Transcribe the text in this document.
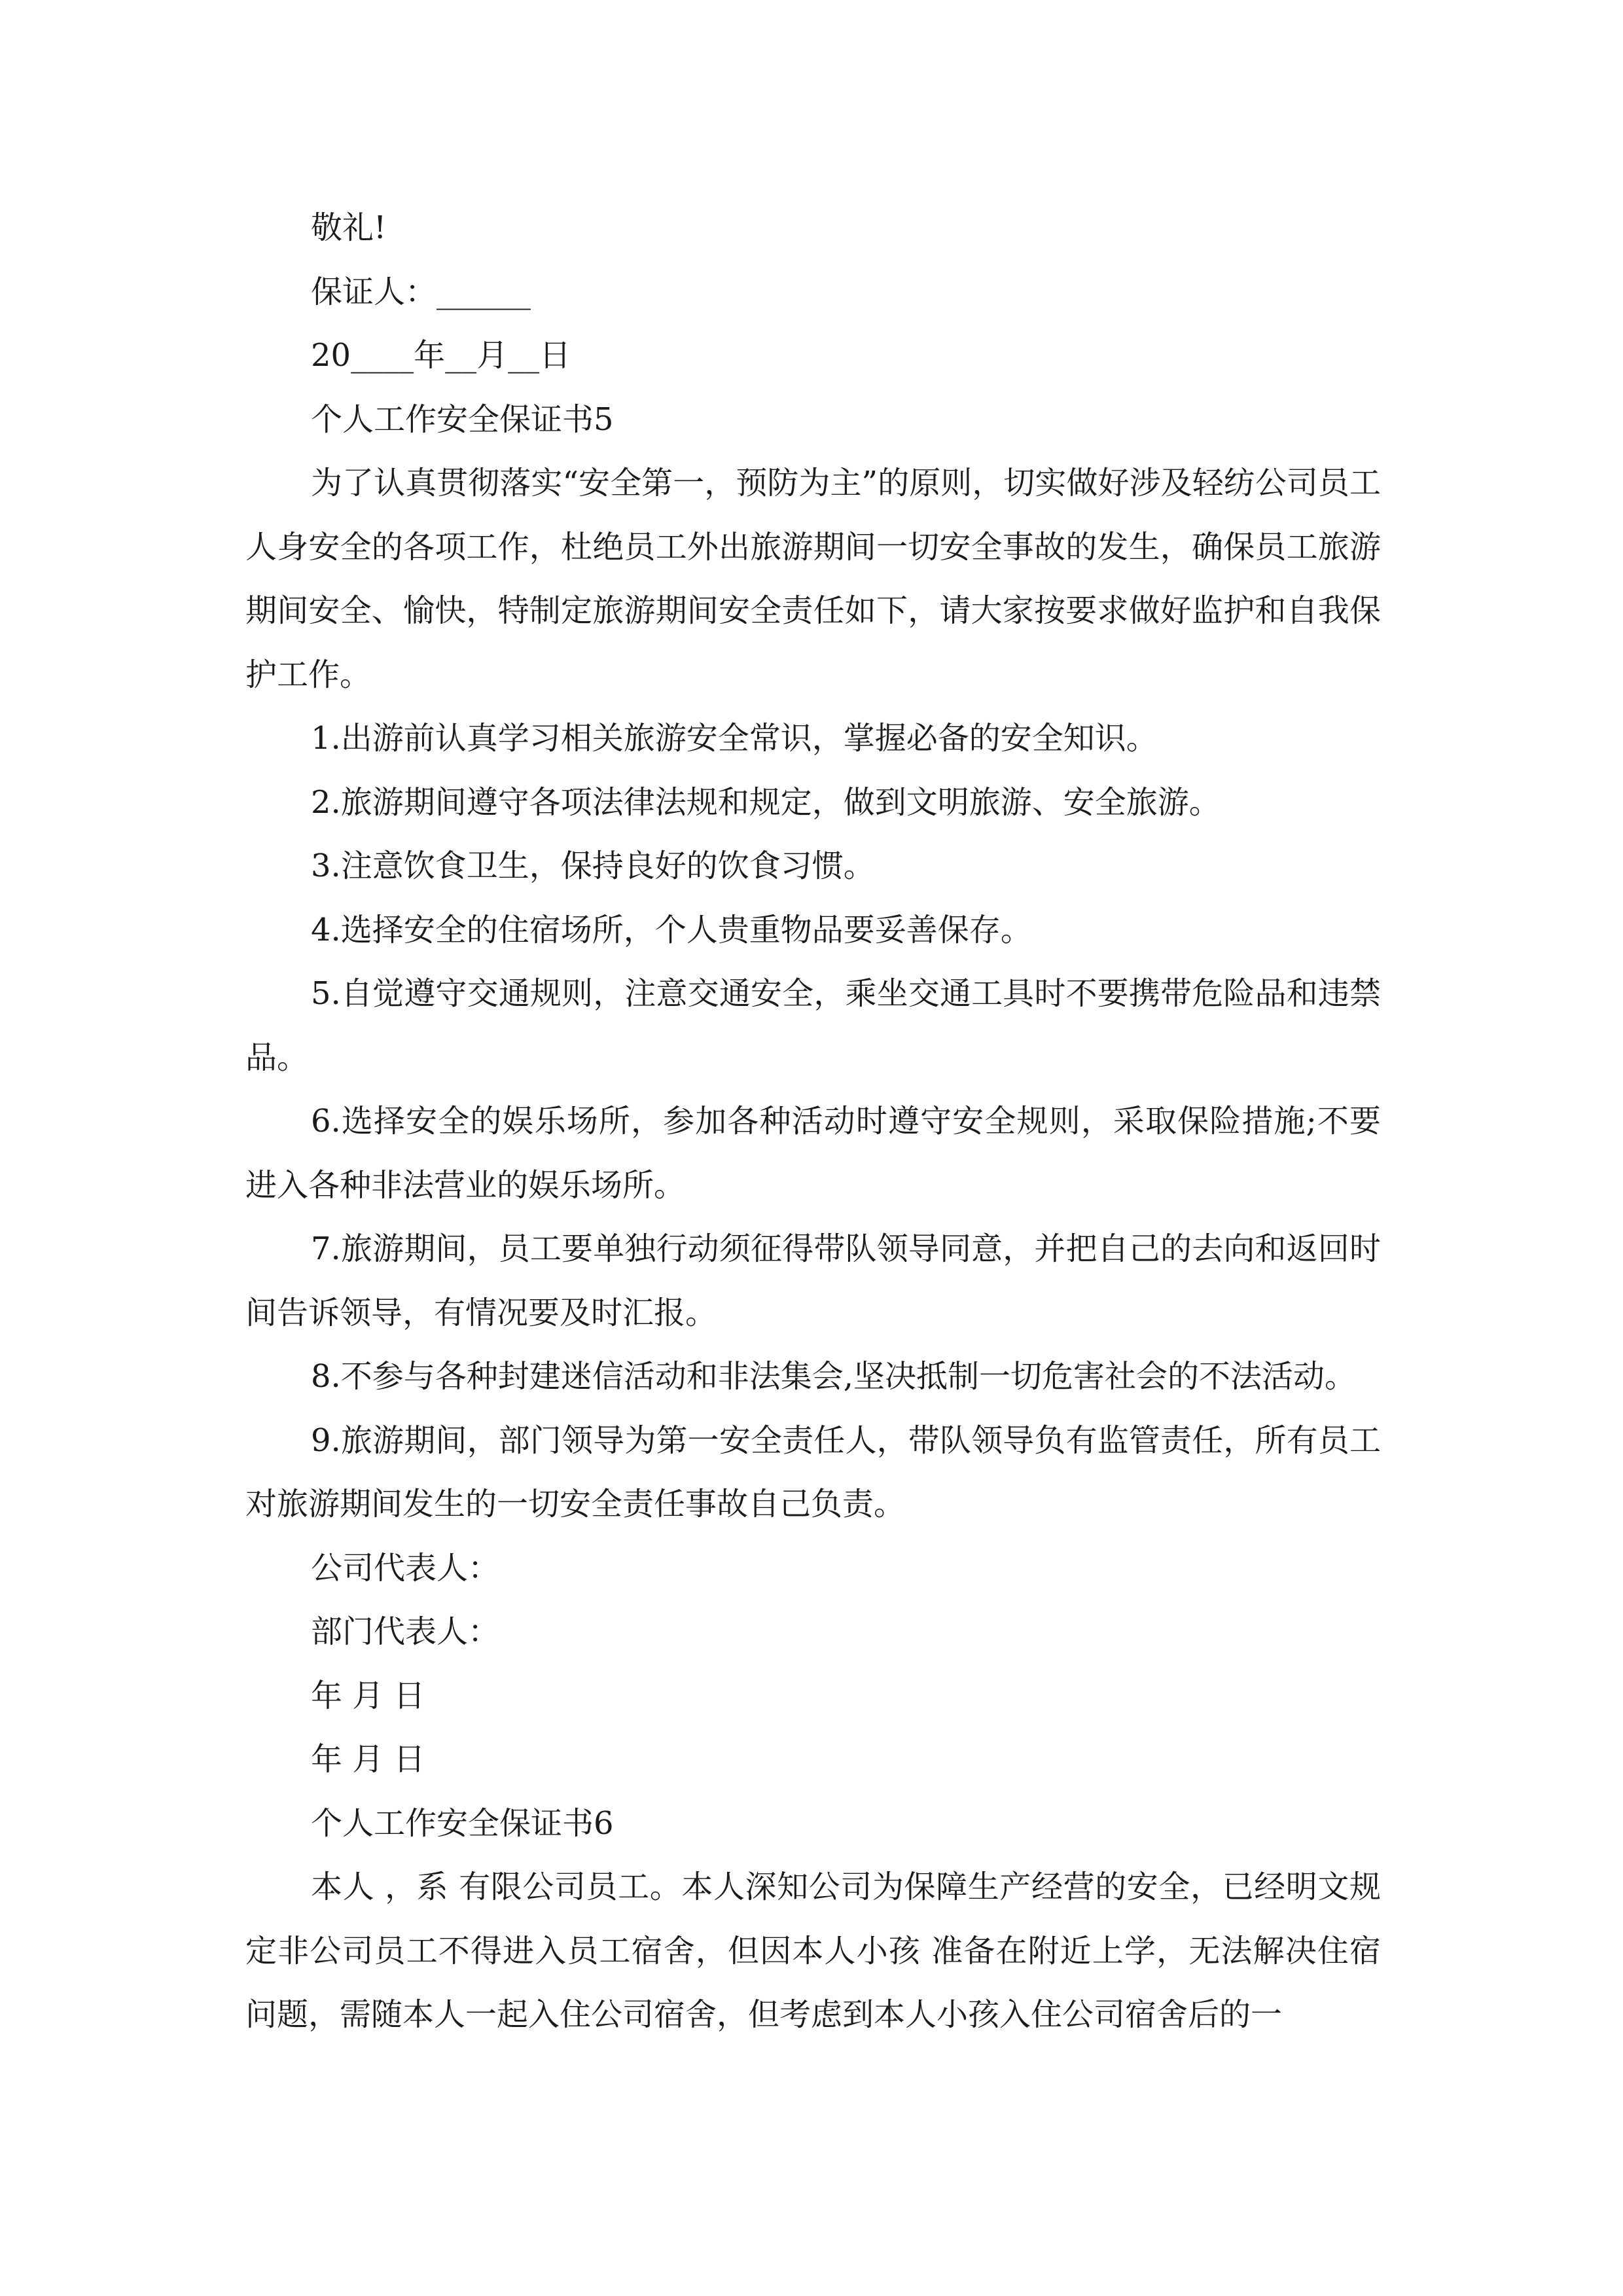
敬礼!
保证人：______
20____年__月__日
个人工作安全保证书5

为了认真贯彻落实“安全第一，预防为主”的原则，切实做好涉及轻纺公司员工人身安全的各项工作，杜绝员工外出旅游期间一切安全事故的发生，确保员工旅游期间安全、愉快，特制定旅游期间安全责任如下，请大家按要求做好监护和自我保护工作。

1.出游前认真学习相关旅游安全常识，掌握必备的安全知识。
2.旅游期间遵守各项法律法规和规定，做到文明旅游、安全旅游。
3.注意饮食卫生，保持良好的饮食习惯。
4.选择安全的住宿场所，个人贵重物品要妥善保存。

5.自觉遵守交通规则，注意交通安全，乘坐交通工具时不要携带危险品和违禁品。

6.选择安全的娱乐场所，参加各种活动时遵守安全规则，采取保险措施;不要进入各种非法营业的娱乐场所。

7.旅游期间，员工要单独行动须征得带队领导同意，并把自己的去向和返回时间告诉领导，有情况要及时汇报。

8.不参与各种封建迷信活动和非法集会,坚决抵制一切危害社会的不法活动。

9.旅游期间，部门领导为第一安全责任人，带队领导负有监管责任，所有员工对旅游期间发生的一切安全责任事故自己负责。

公司代表人：
部门代表人：
年 月 日
年 月 日
个人工作安全保证书6

本人 ，系 有限公司员工。本人深知公司为保障生产经营的安全，已经明文规定非公司员工不得进入员工宿舍，但因本人小孩 准备在附近上学，无法解决住宿问题，需随本人一起入住公司宿舍，但考虑到本人小孩入住公司宿舍后的一
